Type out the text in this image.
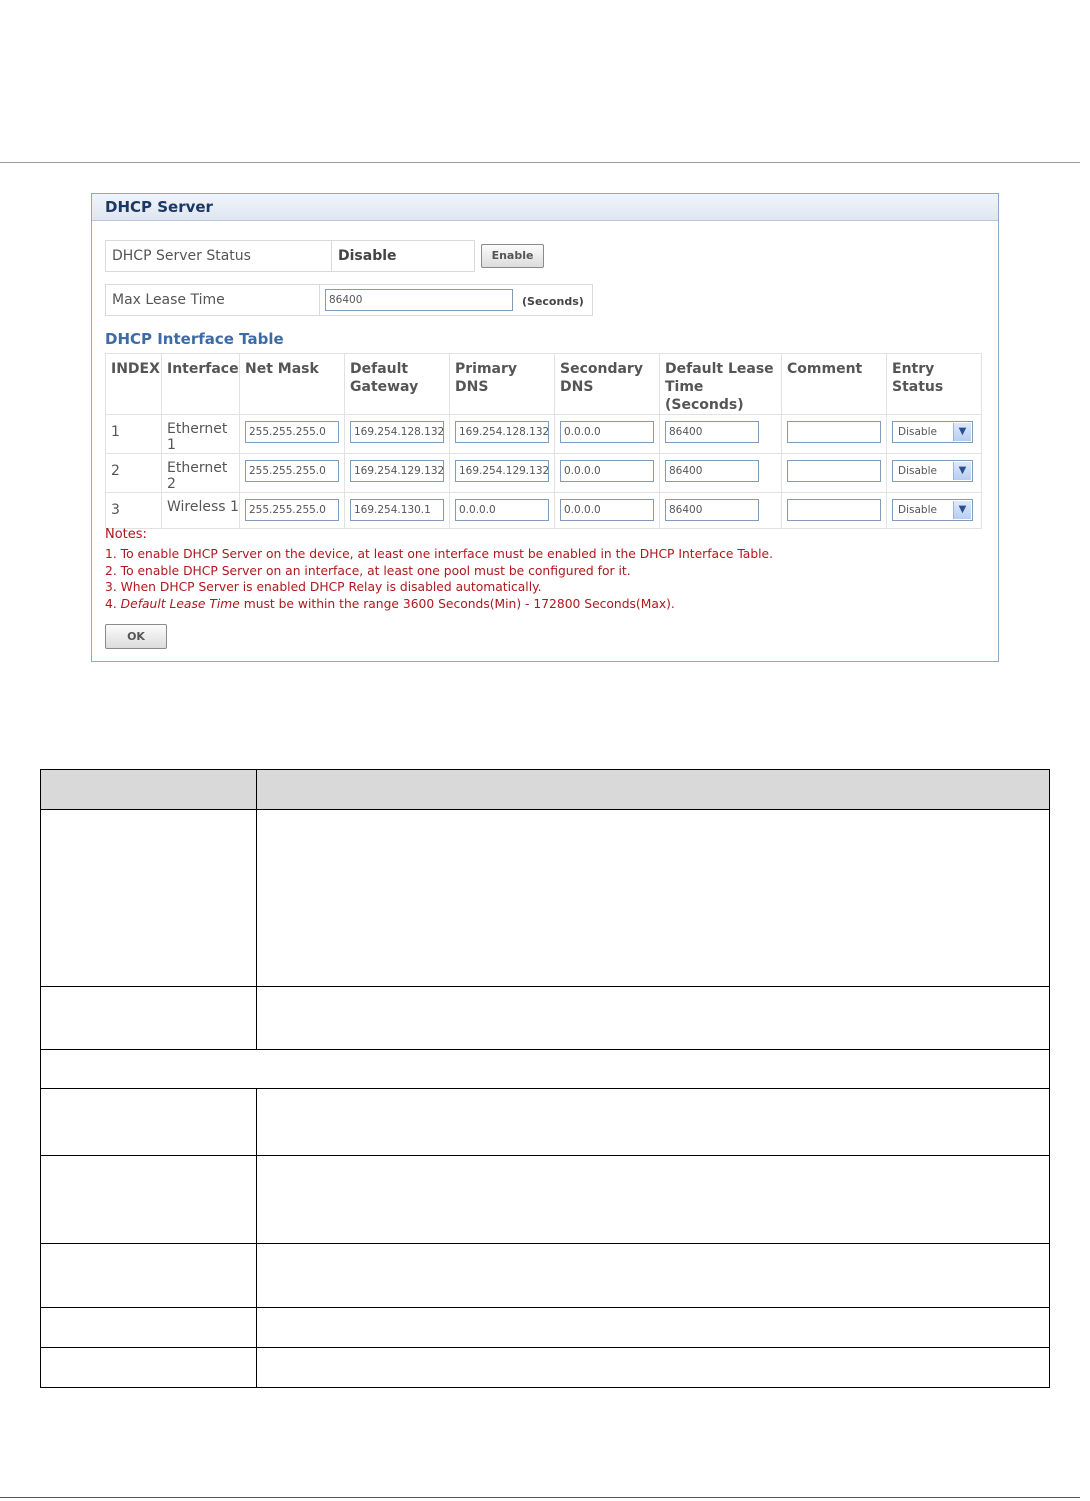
DHCP Server
DHCP Server Status	Disable	Enable
Max Lease Time	86400	(Seconds)
DHCP Interface Table
INDEX	Interface	Net Mask	Default Gateway	Primary DNS	Secondary DNS	Default Lease Time (Seconds)	Comment	Entry Status
1	Ethernet 1	255.255.255.0	169.254.128.132	169.254.128.132	0.0.0.0	86400		Disable ▼

2	Ethernet 2	255.255.255.0	169.254.129.132	169.254.129.132	0.0.0.0	86400		Disable ▼

3	Wireless 1	255.255.255.0	169.254.130.1	0.0.0.0	0.0.0.0	86400		Disable ▼
Notes:
1. To enable DHCP Server on the device, at least one interface must be enabled in the DHCP Interface Table.
2. To enable DHCP Server on an interface, at least one pool must be configured for it.
3. When DHCP Server is enabled DHCP Relay is disabled automatically.
4. Default Lease Time must be within the range 3600 Seconds(Min) - 172800 Seconds(Max).
OK
